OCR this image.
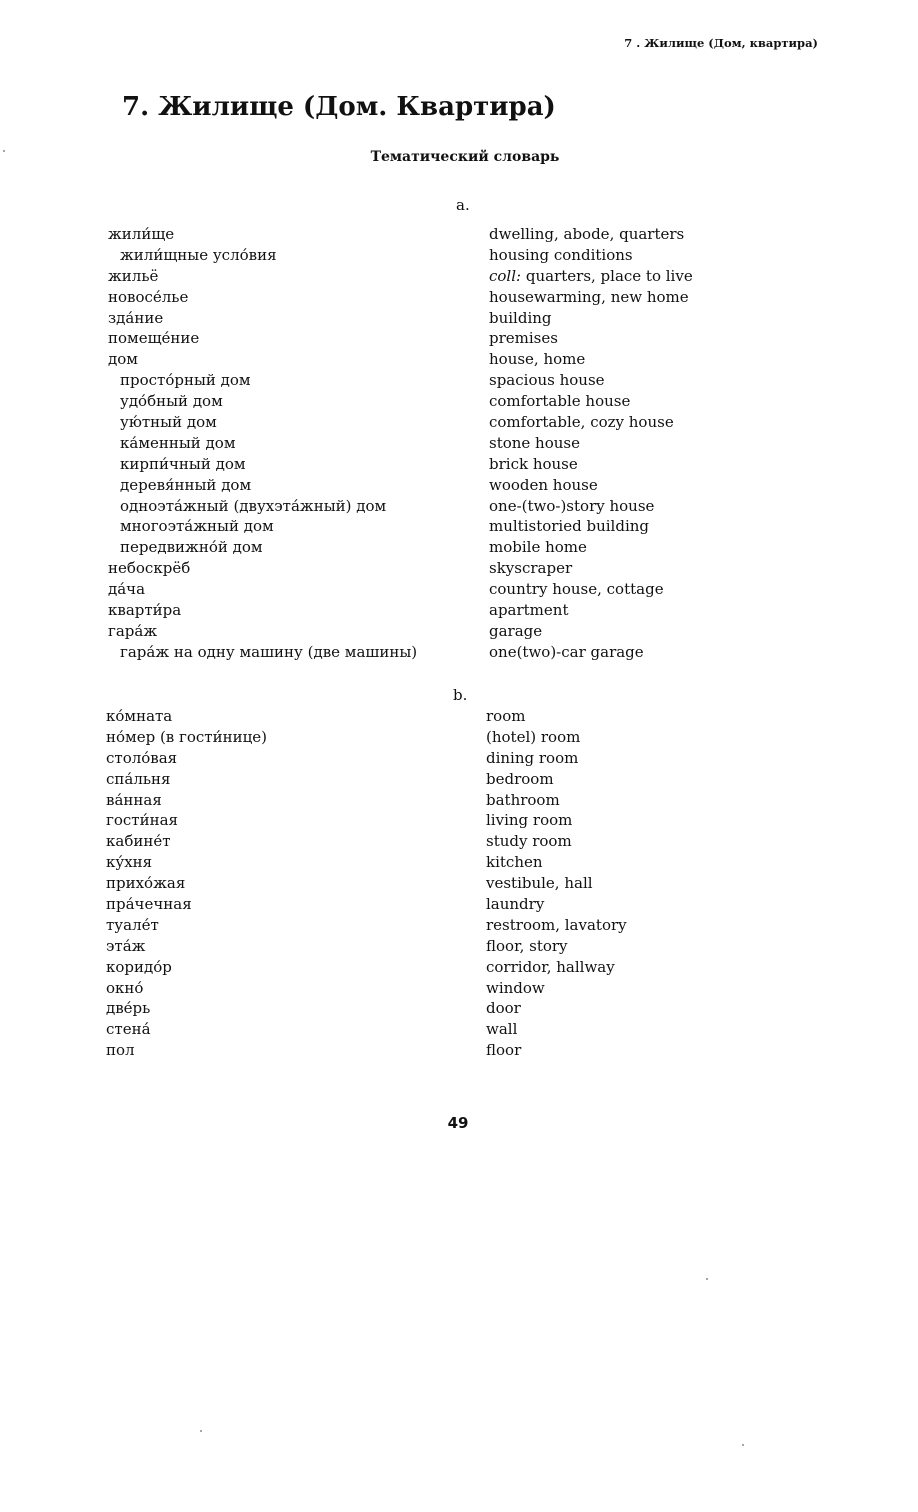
7 . Жилище (Дом, квартира)
7. Жилище (Дом. Квартира)
Тематический словарь
a.
жили́ще	dwelling, abode, quarters
жили́щные усло́вия	housing conditions
жильё	coll: quarters, place to live
новосе́лье	housewarming, new home
зда́ние	building
помеще́ние	premises
дом	house, home
просто́рный дом	spacious house
удо́бный дом	comfortable house
ую́тный дом	comfortable, cozy house
ка́менный дом	stone house
кирпи́чный дом	brick house
деревя́нный дом	wooden house
одноэта́жный (двухэта́жный) дом	one-(two-)story house
многоэта́жный дом	multistoried building
передвижно́й дом	mobile home
небоскрёб	skyscraper
да́ча	country house, cottage
кварти́ра	apartment
гара́ж	garage
гара́ж на одну машину (две машины)	one(two)-car garage
b.
ко́мната	room
но́мер (в гости́нице)	(hotel) room
столо́вая	dining room
спа́льня	bedroom
ва́нная	bathroom
гости́ная	living room
кабине́т	study room
ку́хня	kitchen
прихо́жая	vestibule, hall
пра́чечная	laundry
туале́т	restroom, lavatory
эта́ж	floor, story
коридо́р	corridor, hallway
окно́	window
две́рь	door
стена́	wall
пол	floor
49
